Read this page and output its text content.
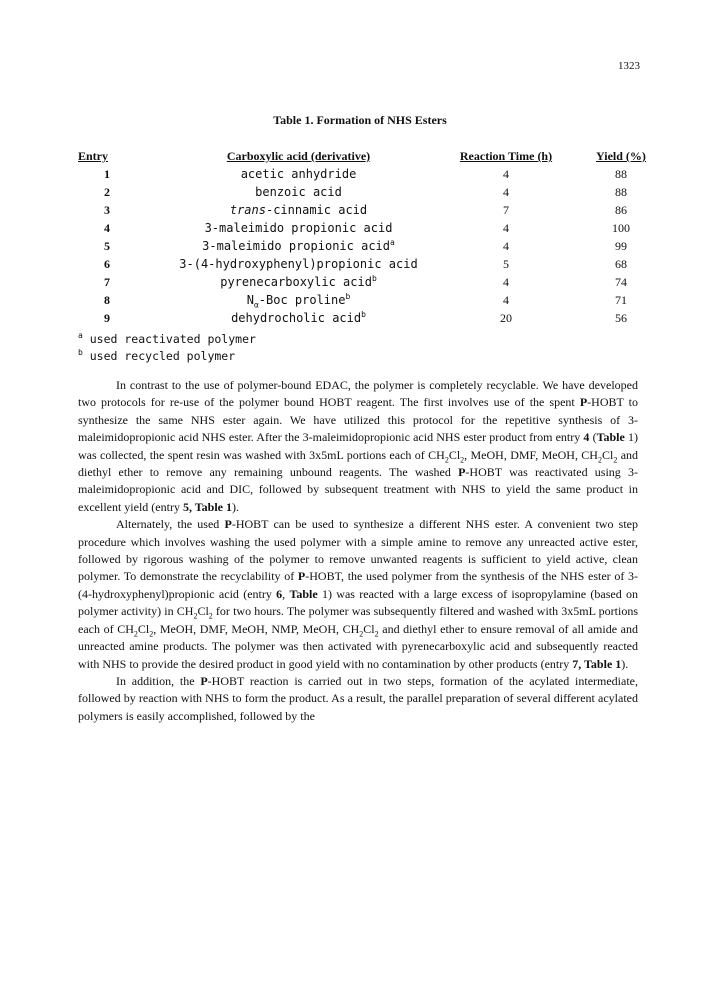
1323
Table 1. Formation of NHS Esters
Entry	Carboxylic acid (derivative)	Reaction Time (h)	Yield (%)
1	acetic anhydride	4	88
2	benzoic acid	4	88
3	trans-cinnamic acid	7	86
4	3-maleimido propionic acid	4	100
5	3-maleimido propionic acid$^a$	4	99
6	3-(4-hydroxyphenyl)propionic acid	5	68
7	pyrenecarboxylic acid$^b$	4	74
8	$N_\alpha$-Boc proline$^b$	4	71
9	dehydrocholic acid$^b$	20	56
$^a$ used reactivated polymer
$^b$ used recycled polymer

In contrast to the use of polymer-bound EDAC, the polymer is completely recyclable. We have developed two protocols for re-use of the polymer bound HOBT reagent. The first involves use of the spent P-HOBT to synthesize the same NHS ester again. We have utilized this protocol for the repetitive synthesis of 3-maleimidopropionic acid NHS ester. After the 3-maleimidopropionic acid NHS ester product from entry 4 (Table 1) was collected, the spent resin was washed with 3x5mL portions each of $CH_2Cl_2$, MeOH, DMF, MeOH, $CH_2Cl_2$ and diethyl ether to remove any remaining unbound reagents. The washed P-HOBT was reactivated using 3-maleimidopropionic acid and DIC, followed by subsequent treatment with NHS to yield the same product in excellent yield (entry 5, Table 1).

Alternately, the used P-HOBT can be used to synthesize a different NHS ester. A convenient two step procedure which involves washing the used polymer with a simple amine to remove any unreacted active ester, followed by rigorous washing of the polymer to remove unwanted reagents is sufficient to yield active, clean polymer. To demonstrate the recyclability of P-HOBT, the used polymer from the synthesis of the NHS ester of 3-(4-hydroxyphenyl)propionic acid (entry 6, Table 1) was reacted with a large excess of isopropylamine (based on polymer activity) in $CH_2Cl_2$ for two hours. The polymer was subsequently filtered and washed with 3x5mL portions each of $CH_2Cl_2$, MeOH, DMF, MeOH, NMP, MeOH, $CH_2Cl_2$ and diethyl ether to ensure removal of all amide and unreacted amine products. The polymer was then activated with pyrenecarboxylic acid and subsequently reacted with NHS to provide the desired product in good yield with no contamination by other products (entry 7, Table 1).

In addition, the P-HOBT reaction is carried out in two steps, formation of the acylated intermediate, followed by reaction with NHS to form the product. As a result, the parallel preparation of several different acylated polymers is easily accomplished, followed by the
